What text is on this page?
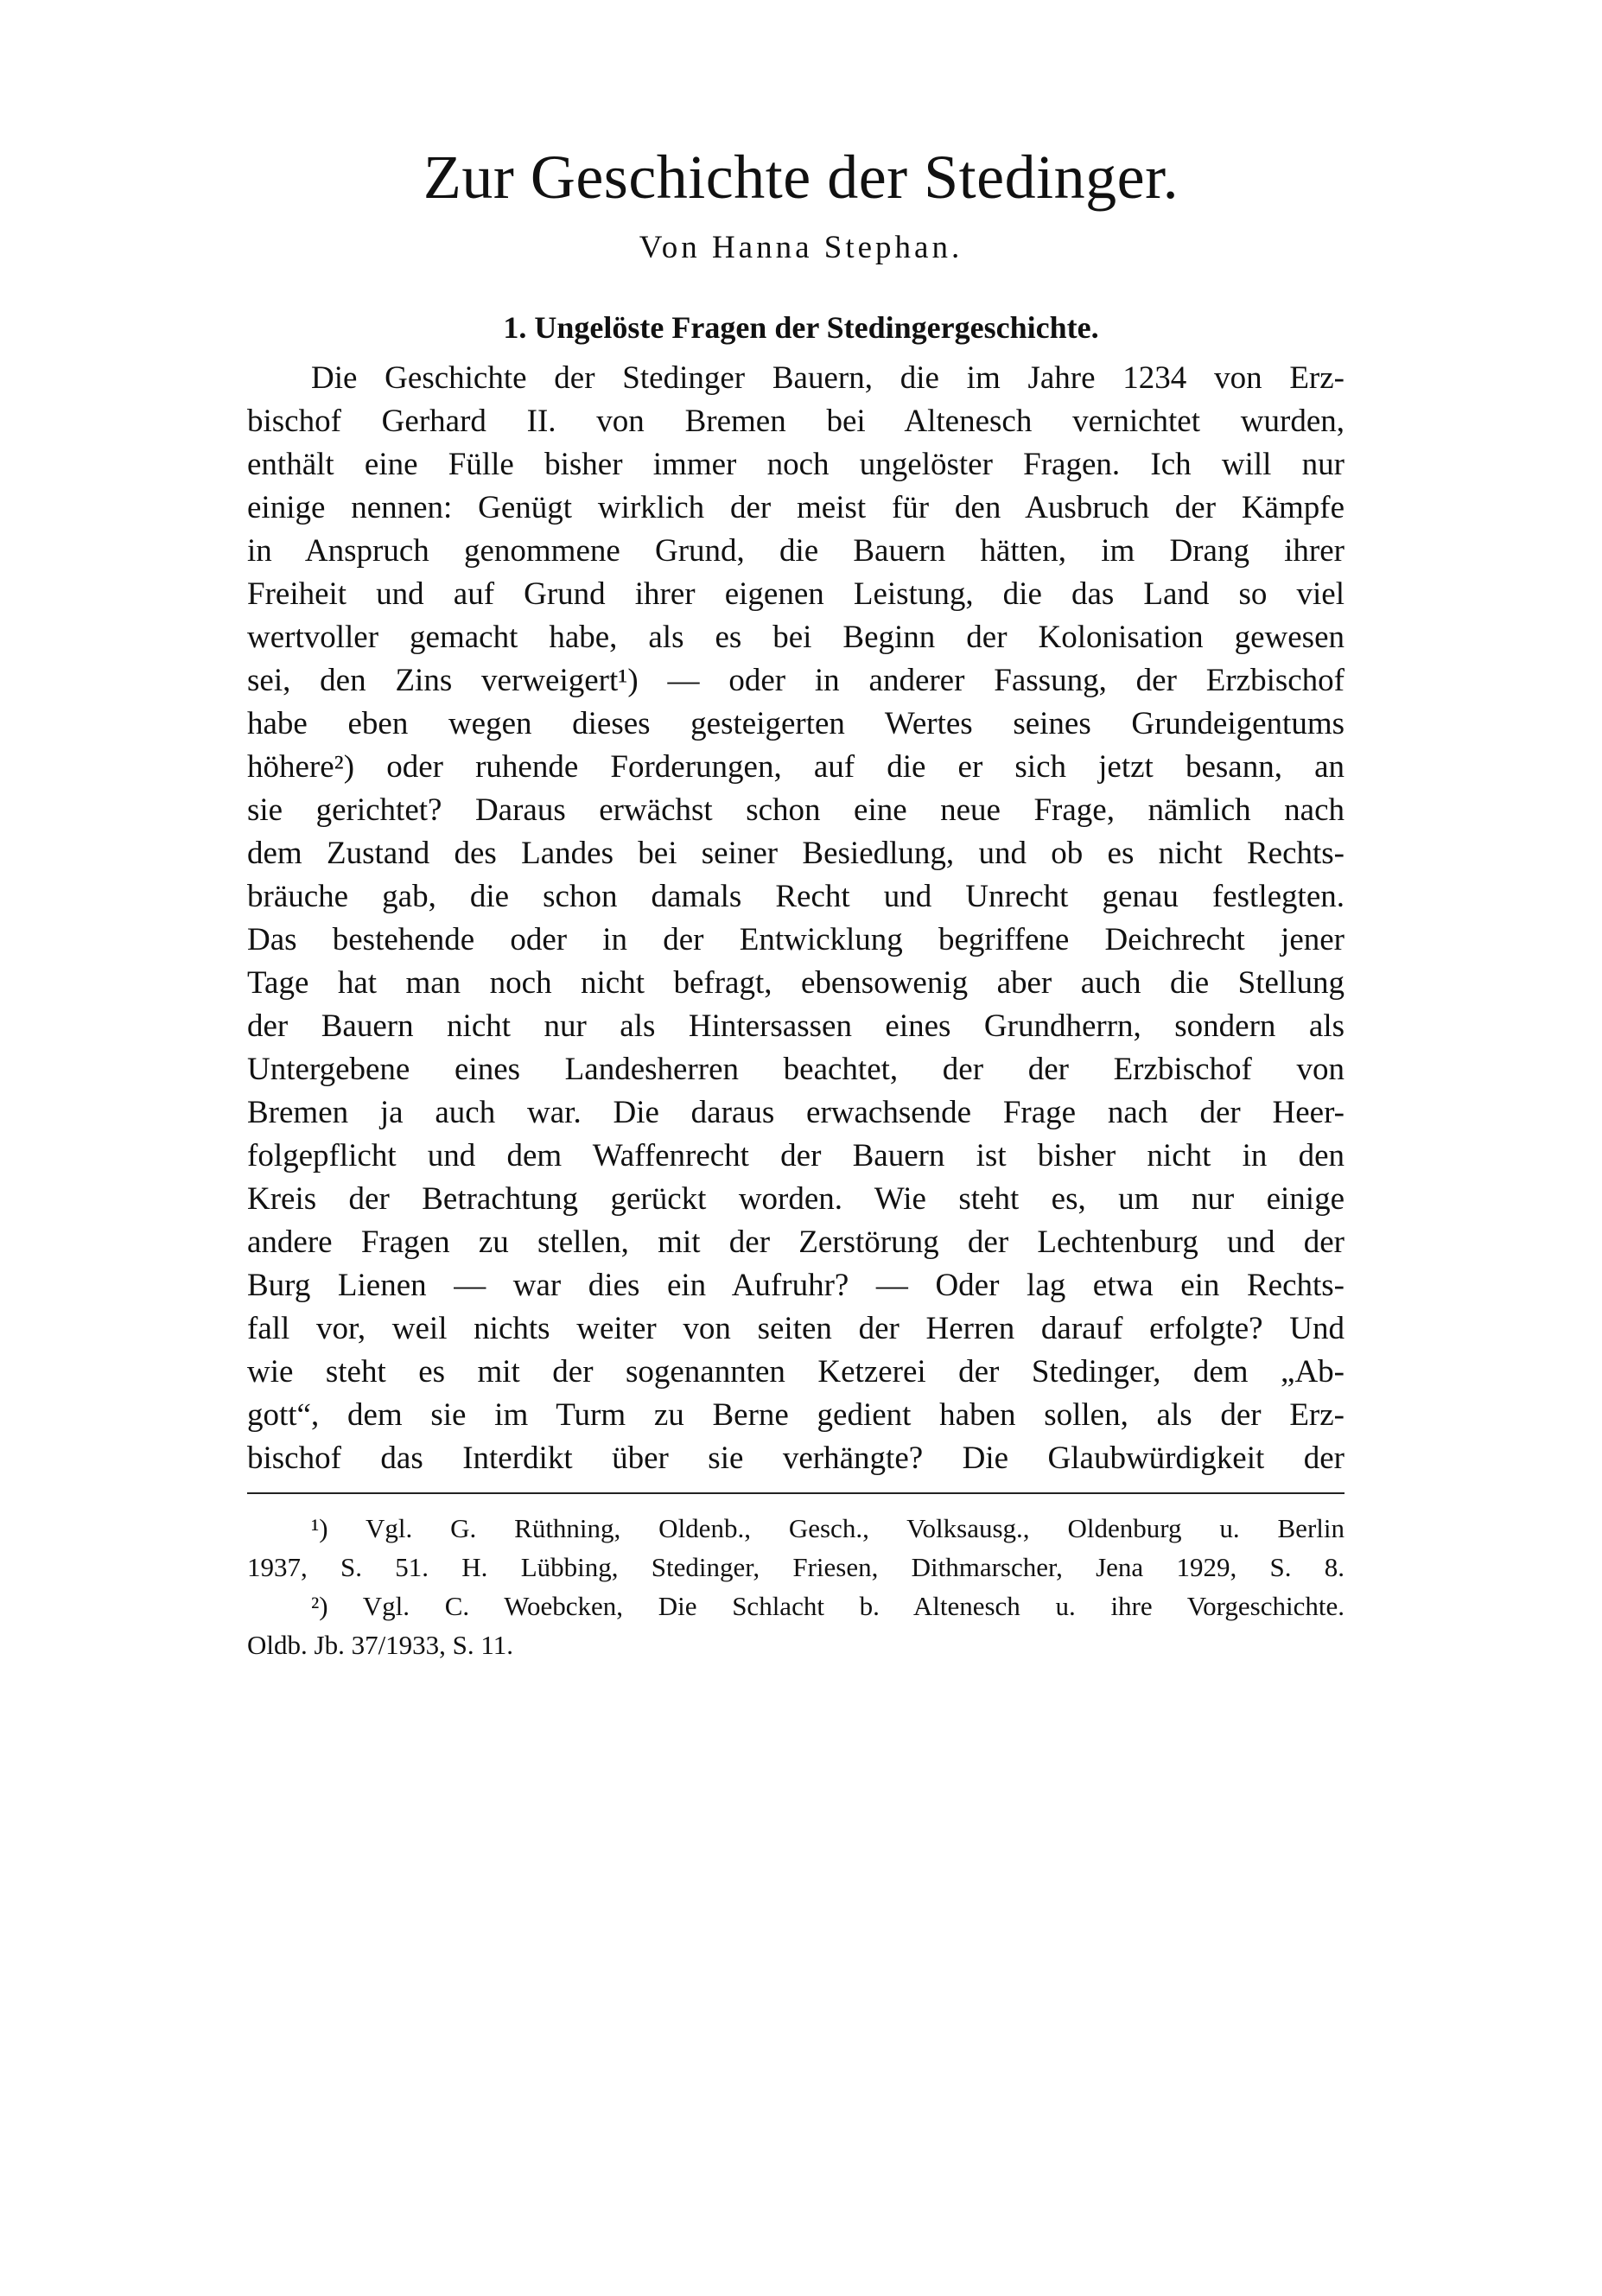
Zur Geschichte der Stedinger.
Von Hanna Stephan.
1. Ungelöste Fragen der Stedingergeschichte.
Die Geschichte der Stedinger Bauern, die im Jahre 1234 von Erz-
bischof Gerhard II. von Bremen bei Altenesch vernichtet wurden,
enthält eine Fülle bisher immer noch ungelöster Fragen. Ich will nur
einige nennen: Genügt wirklich der meist für den Ausbruch der Kämpfe
in Anspruch genommene Grund, die Bauern hätten, im Drang ihrer
Freiheit und auf Grund ihrer eigenen Leistung, die das Land so viel
wertvoller gemacht habe, als es bei Beginn der Kolonisation gewesen
sei, den Zins verweigert¹) — oder in anderer Fassung, der Erzbischof
habe eben wegen dieses gesteigerten Wertes seines Grundeigentums
höhere²) oder ruhende Forderungen, auf die er sich jetzt besann, an
sie gerichtet? Daraus erwächst schon eine neue Frage, nämlich nach
dem Zustand des Landes bei seiner Besiedlung, und ob es nicht Rechts-
bräuche gab, die schon damals Recht und Unrecht genau festlegten.
Das bestehende oder in der Entwicklung begriffene Deichrecht jener
Tage hat man noch nicht befragt, ebensowenig aber auch die Stellung
der Bauern nicht nur als Hintersassen eines Grundherrn, sondern als
Untergebene eines Landesherren beachtet, der der Erzbischof von
Bremen ja auch war. Die daraus erwachsende Frage nach der Heer-
folgepflicht und dem Waffenrecht der Bauern ist bisher nicht in den
Kreis der Betrachtung gerückt worden. Wie steht es, um nur einige
andere Fragen zu stellen, mit der Zerstörung der Lechtenburg und der
Burg Lienen — war dies ein Aufruhr? — Oder lag etwa ein Rechts-
fall vor, weil nichts weiter von seiten der Herren darauf erfolgte? Und
wie steht es mit der sogenannten Ketzerei der Stedinger, dem „Ab-
gott“, dem sie im Turm zu Berne gedient haben sollen, als der Erz-
bischof das Interdikt über sie verhängte? Die Glaubwürdigkeit der
¹) Vgl. G. Rüthning, Oldenb., Gesch., Volksausg., Oldenburg u. Berlin
1937, S. 51. H. Lübbing, Stedinger, Friesen, Dithmarscher, Jena 1929, S. 8.
²) Vgl. C. Woebcken, Die Schlacht b. Altenesch u. ihre Vorgeschichte.
Oldb. Jb. 37/1933, S. 11.
